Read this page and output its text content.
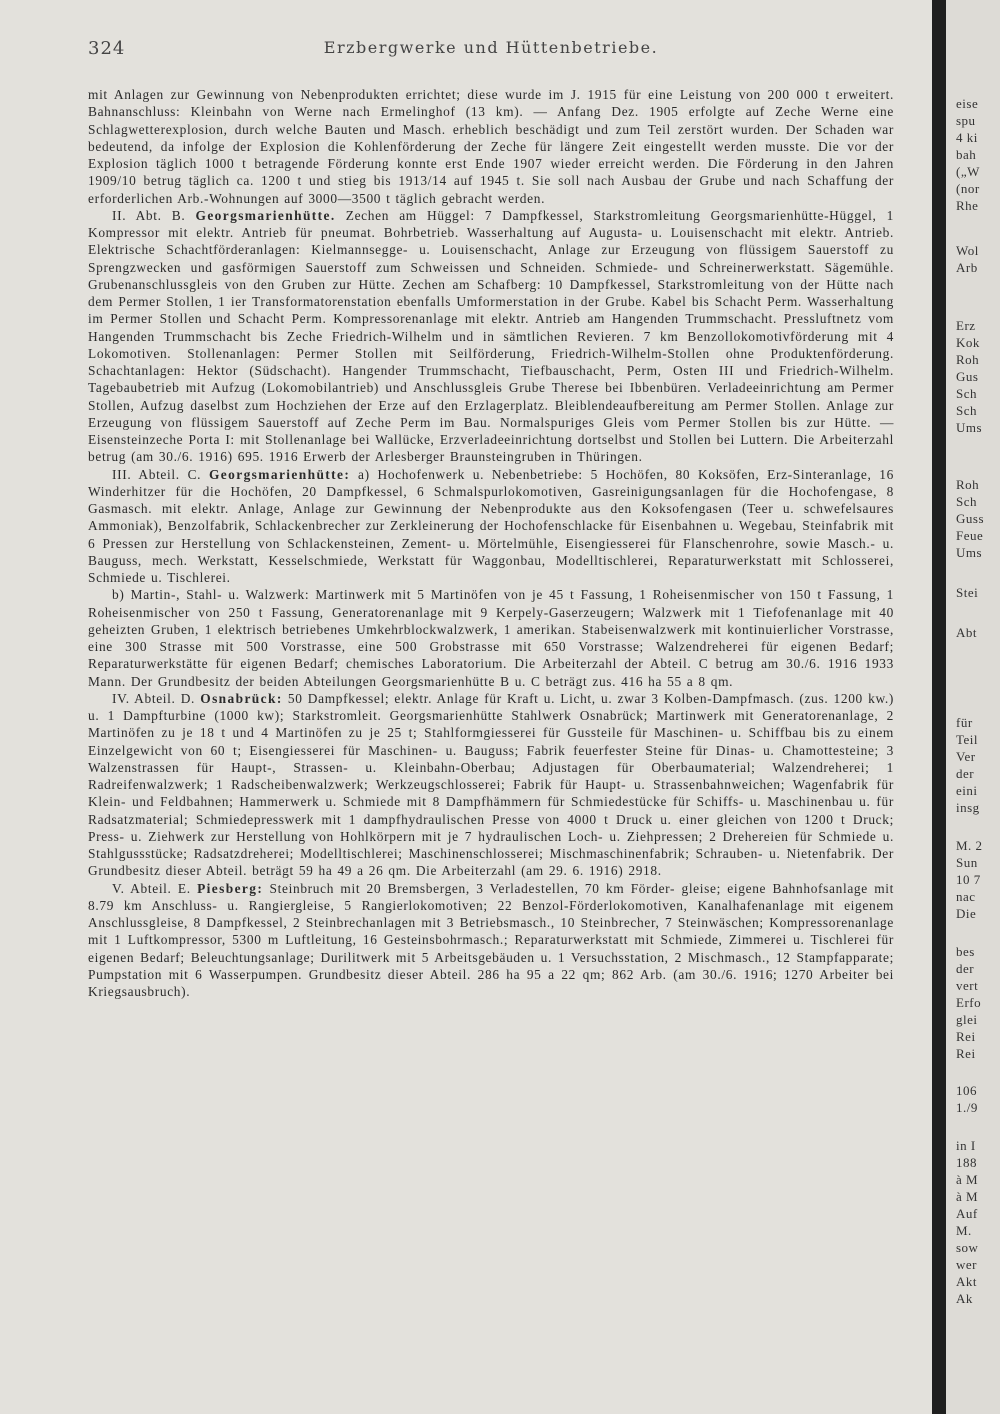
324	Erzbergwerke und Hüttenbetriebe.

mit Anlagen zur Gewinnung von Nebenprodukten errichtet; diese wurde im J. 1915 für eine Leistung von 200 000 t erweitert. Bahnanschluss: Kleinbahn von Werne nach Ermelinghof (13 km). — Anfang Dez. 1905 erfolgte auf Zeche Werne eine Schlagwetterexplosion, durch welche Bauten und Masch. erheblich beschädigt und zum Teil zerstört wurden. Der Schaden war bedeutend, da infolge der Explosion die Kohlenförderung der Zeche für längere Zeit eingestellt werden musste. Die vor der Explosion täglich 1000 t betragende Förderung konnte erst Ende 1907 wieder erreicht werden. Die Förderung in den Jahren 1909/10 betrug täglich ca. 1200 t und stieg bis 1913/14 auf 1945 t. Sie soll nach Ausbau der Grube und nach Schaffung der erforderlichen Arb.-Wohnungen auf 3000—3500 t täglich gebracht werden.

II. Abt. B. Georgsmarienhütte. Zechen am Hüggel: 7 Dampfkessel, Starkstromleitung Georgsmarienhütte-Hüggel, 1 Kompressor mit elektr. Antrieb für pneumat. Bohrbetrieb. Wasserhaltung auf Augusta- u. Louisenschacht mit elektr. Antrieb. Elektrische Schachtförderanlagen: Kielmannsegge- u. Louisenschacht, Anlage zur Erzeugung von flüssigem Sauerstoff zu Sprengzwecken und gasförmigen Sauerstoff zum Schweissen und Schneiden. Schmiede- und Schreinerwerkstatt. Sägemühle. Grubenanschlussgleis von den Gruben zur Hütte. Zechen am Schafberg: 10 Dampfkessel, Starkstromleitung von der Hütte nach dem Permer Stollen, 1 ier Transformatorenstation ebenfalls Umformerstation in der Grube. Kabel bis Schacht Perm. Wasserhaltung im Permer Stollen und Schacht Perm. Kompressorenanlage mit elektr. Antrieb am Hangenden Trummschacht. Pressluftnetz vom Hangenden Trummschacht bis Zeche Friedrich-Wilhelm und in sämtlichen Revieren. 7 km Benzollokomotivförderung mit 4 Lokomotiven. Stollenanlagen: Permer Stollen mit Seilförderung, Friedrich-Wilhelm-Stollen ohne Produktenförderung. Schachtanlagen: Hektor (Südschacht). Hangender Trummschacht, Tiefbauschacht, Perm, Osten III und Friedrich-Wilhelm. Tagebaubetrieb mit Aufzug (Lokomobilantrieb) und Anschlussgleis Grube Therese bei Ibbenbüren. Verladeeinrichtung am Permer Stollen, Aufzug daselbst zum Hochziehen der Erze auf den Erzlagerplatz. Bleiblendeaufbereitung am Permer Stollen. Anlage zur Erzeugung von flüssigem Sauerstoff auf Zeche Perm im Bau. Normalspuriges Gleis vom Permer Stollen bis zur Hütte. — Eisensteinzeche Porta I: mit Stollenanlage bei Wallücke, Erzverladeeinrichtung dortselbst und Stollen bei Luttern. Die Arbeiterzahl betrug (am 30./6. 1916) 695. 1916 Erwerb der Arlesberger Braunsteingruben in Thüringen.

III. Abteil. C. Georgsmarienhütte: a) Hochofenwerk u. Nebenbetriebe: 5 Hochöfen, 80 Koksöfen, Erz-Sinteranlage, 16 Winderhitzer für die Hochöfen, 20 Dampfkessel, 6 Schmalspurlokomotiven, Gasreinigungsanlagen für die Hochofengase, 8 Gasmasch. mit elektr. Anlage, Anlage zur Gewinnung der Nebenprodukte aus den Koksofengasen (Teer u. schwefelsaures Ammoniak), Benzolfabrik, Schlackenbrecher zur Zerkleinerung der Hochofenschlacke für Eisenbahnen u. Wegebau, Steinfabrik mit 6 Pressen zur Herstellung von Schlackensteinen, Zement- u. Mörtelmühle, Eisengiesserei für Flanschenrohre, sowie Masch.- u. Bauguss, mech. Werkstatt, Kesselschmiede, Werkstatt für Waggonbau, Modelltischlerei, Reparaturwerkstatt mit Schlosserei, Schmiede u. Tischlerei.

b) Martin-, Stahl- u. Walzwerk: Martinwerk mit 5 Martinöfen von je 45 t Fassung, 1 Roheisenmischer von 150 t Fassung, 1 Roheisenmischer von 250 t Fassung, Generatorenanlage mit 9 Kerpely-Gaserzeugern; Walzwerk mit 1 Tiefofenanlage mit 40 geheizten Gruben, 1 elektrisch betriebenes Umkehrblockwalzwerk, 1 amerikan. Stabeisenwalzwerk mit kontinuierlicher Vorstrasse, eine 300 Strasse mit 500 Vorstrasse, eine 500 Grobstrasse mit 650 Vorstrasse; Walzendreherei für eigenen Bedarf; Reparaturwerkstätte für eigenen Bedarf; chemisches Laboratorium. Die Arbeiterzahl der Abteil. C betrug am 30./6. 1916 1933 Mann. Der Grundbesitz der beiden Abteilungen Georgsmarienhütte B u. C beträgt zus. 416 ha 55 a 8 qm.

IV. Abteil. D. Osnabrück: 50 Dampfkessel; elektr. Anlage für Kraft u. Licht, u. zwar 3 Kolben-Dampfmasch. (zus. 1200 kw.) u. 1 Dampfturbine (1000 kw); Starkstromleit. Georgsmarienhütte Stahlwerk Osnabrück; Martinwerk mit Generatorenanlage, 2 Martinöfen zu je 18 t und 4 Martinöfen zu je 25 t; Stahlformgiesserei für Gussteile für Maschinen- u. Schiffbau bis zu einem Einzelgewicht von 60 t; Eisengiesserei für Maschinen- u. Bauguss; Fabrik feuerfester Steine für Dinas- u. Chamottesteine; 3 Walzenstrassen für Haupt-, Strassen- u. Kleinbahn-Oberbau; Adjustagen für Oberbaumaterial; Walzendreherei; 1 Radreifenwalzwerk; 1 Radscheibenwalzwerk; Werkzeugschlosserei; Fabrik für Haupt- u. Strassenbahnweichen; Wagenfabrik für Klein- und Feldbahnen; Hammerwerk u. Schmiede mit 8 Dampfhämmern für Schmiedestücke für Schiffs- u. Maschinenbau u. für Radsatzmaterial; Schmiedepresswerk mit 1 dampfhydraulischen Presse von 4000 t Druck u. einer gleichen von 1200 t Druck; Press- u. Ziehwerk zur Herstellung von Hohlkörpern mit je 7 hydraulischen Loch- u. Ziehpressen; 2 Drehereien für Schmiede u. Stahlgussstücke; Radsatzdreherei; Modelltischlerei; Maschinenschlosserei; Mischmaschinenfabrik; Schrauben- u. Nietenfabrik. Der Grundbesitz dieser Abteil. beträgt 59 ha 49 a 26 qm. Die Arbeiterzahl (am 29. 6. 1916) 2918.

V. Abteil. E. Piesberg: Steinbruch mit 20 Bremsbergen, 3 Verladestellen, 70 km Förder- gleise; eigene Bahnhofsanlage mit 8.79 km Anschluss- u. Rangiergleise, 5 Rangierlokomotiven; 22 Benzol-Förderlokomotiven, Kanalhafenanlage mit eigenem Anschlussgleise, 8 Dampfkessel, 2 Steinbrechanlagen mit 3 Betriebsmasch., 10 Steinbrecher, 7 Steinwäschen; Kompressorenanlage mit 1 Luftkompressor, 5300 m Luftleitung, 16 Gesteinsbohrmasch.; Reparaturwerkstatt mit Schmiede, Zimmerei u. Tischlerei für eigenen Bedarf; Beleuchtungsanlage; Durilitwerk mit 5 Arbeitsgebäuden u. 1 Versuchsstation, 2 Mischmasch., 12 Stampfapparate; Pumpstation mit 6 Wasserpumpen. Grundbesitz dieser Abteil. 286 ha 95 a 22 qm; 862 Arb. (am 30./6. 1916; 1270 Arbeiter bei Kriegsausbruch).

eise
spu
4 ki
bah
(„W
(nor
Rhe
Wol
Arb
Erz
Kok
Roh
Gus
Sch
Sch
Ums
Roh
Sch
Guss
Feue
Ums
Stei
Abt
für
Teil
Ver
der
eini
insg
M. 2
Sun
10 7
nac
Die
bes
der
vert
Erfo
glei
Rei
Rei
106
1./9
in I
188
à M
à M
Auf
M.
sow
wer
Akt
Ak
